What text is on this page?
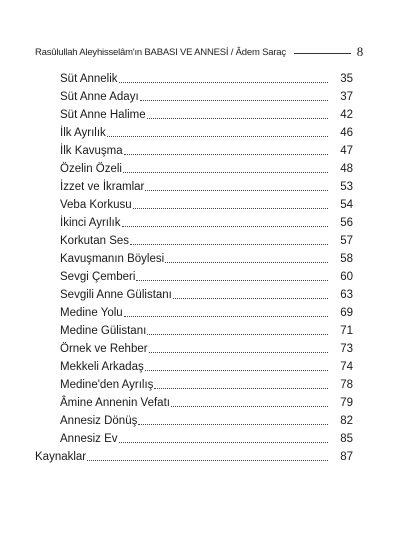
Rasûlullah Aleyhisselâm'ın BABASI VE ANNESİ / Âdem Saraç	8
Süt Annelik	35
Süt Anne Adayı	37
Süt Anne Halime	42
İlk Ayrılık	46
İlk Kavuşma	47
Özelin Özeli	48
İzzet ve İkramlar	53
Veba Korkusu	54
İkinci Ayrılık	56
Korkutan Ses	57
Kavuşmanın Böylesi	58
Sevgi Çemberi	60
Sevgili Anne Gülistanı	63
Medine Yolu	69
Medine Gülistanı	71
Örnek ve Rehber	73
Mekkeli Arkadaş	74
Medine'den Ayrılış	78
Âmine Annenin Vefatı	79
Annesiz Dönüş	82
Annesiz Ev	85
Kaynaklar	87
